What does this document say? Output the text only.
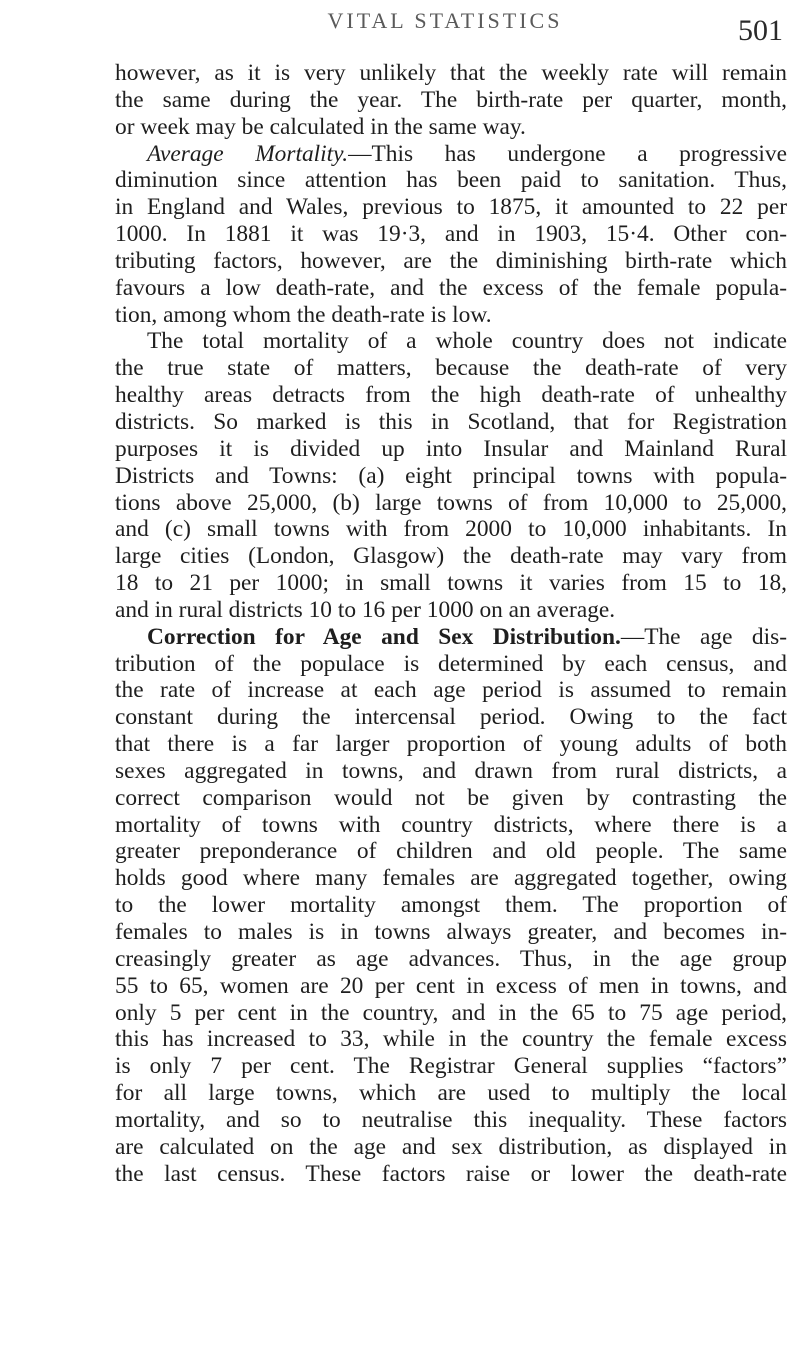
VITAL STATISTICS	501
however, as it is very unlikely that the weekly rate will remain
the same during the year. The birth-rate per quarter, month,
or week may be calculated in the same way.
Average Mortality.—This has undergone a progressive
diminution since attention has been paid to sanitation. Thus,
in England and Wales, previous to 1875, it amounted to 22 per
1000. In 1881 it was 19·3, and in 1903, 15·4. Other con-
tributing factors, however, are the diminishing birth-rate which
favours a low death-rate, and the excess of the female popula-
tion, among whom the death-rate is low.
The total mortality of a whole country does not indicate
the true state of matters, because the death-rate of very
healthy areas detracts from the high death-rate of unhealthy
districts. So marked is this in Scotland, that for Registration
purposes it is divided up into Insular and Mainland Rural
Districts and Towns: (a) eight principal towns with popula-
tions above 25,000, (b) large towns of from 10,000 to 25,000,
and (c) small towns with from 2000 to 10,000 inhabitants. In
large cities (London, Glasgow) the death-rate may vary from
18 to 21 per 1000; in small towns it varies from 15 to 18,
and in rural districts 10 to 16 per 1000 on an average.
Correction for Age and Sex Distribution.—The age dis-
tribution of the populace is determined by each census, and
the rate of increase at each age period is assumed to remain
constant during the intercensal period. Owing to the fact
that there is a far larger proportion of young adults of both
sexes aggregated in towns, and drawn from rural districts, a
correct comparison would not be given by contrasting the
mortality of towns with country districts, where there is a
greater preponderance of children and old people. The same
holds good where many females are aggregated together, owing
to the lower mortality amongst them. The proportion of
females to males is in towns always greater, and becomes in-
creasingly greater as age advances. Thus, in the age group
55 to 65, women are 20 per cent in excess of men in towns, and
only 5 per cent in the country, and in the 65 to 75 age period,
this has increased to 33, while in the country the female excess
is only 7 per cent. The Registrar General supplies “factors”
for all large towns, which are used to multiply the local
mortality, and so to neutralise this inequality. These factors
are calculated on the age and sex distribution, as displayed in
the last census. These factors raise or lower the death-rate
